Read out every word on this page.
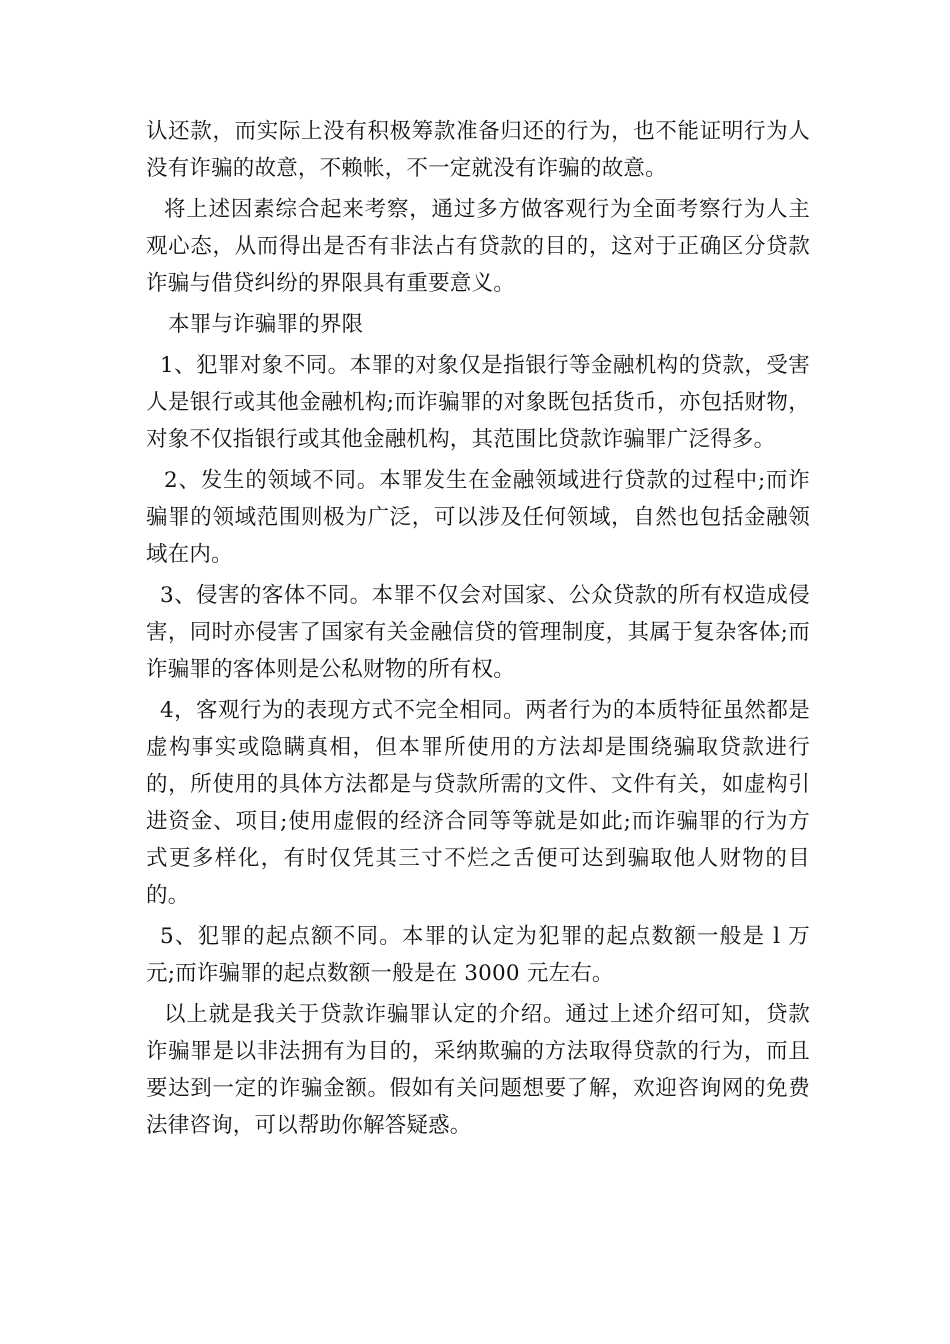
认还款，而实际上没有积极筹款准备归还的行为，也不能证明行为人没有诈骗的故意，不赖帐，不一定就没有诈骗的故意。

将上述因素综合起来考察，通过多方做客观行为全面考察行为人主观心态，从而得出是否有非法占有贷款的目的，这对于正确区分贷款诈骗与借贷纠纷的界限具有重要意义。

本罪与诈骗罪的界限

1、犯罪对象不同。本罪的对象仅是指银行等金融机构的贷款，受害人是银行或其他金融机构;而诈骗罪的对象既包括货币，亦包括财物，对象不仅指银行或其他金融机构，其范围比贷款诈骗罪广泛得多。

2、发生的领域不同。本罪发生在金融领域进行贷款的过程中;而诈骗罪的领域范围则极为广泛，可以涉及任何领域，自然也包括金融领域在内。

3、侵害的客体不同。本罪不仅会对国家、公众贷款的所有权造成侵害，同时亦侵害了国家有关金融信贷的管理制度，其属于复杂客体;而诈骗罪的客体则是公私财物的所有权。

4，客观行为的表现方式不完全相同。两者行为的本质特征虽然都是虚构事实或隐瞒真相，但本罪所使用的方法却是围绕骗取贷款进行的，所使用的具体方法都是与贷款所需的文件、文件有关，如虚构引进资金、项目;使用虚假的经济合同等等就是如此;而诈骗罪的行为方式更多样化，有时仅凭其三寸不烂之舌便可达到骗取他人财物的目的。

5、犯罪的起点额不同。本罪的认定为犯罪的起点数额一般是 l 万元;而诈骗罪的起点数额一般是在 3000 元左右。

以上就是我关于贷款诈骗罪认定的介绍。通过上述介绍可知，贷款诈骗罪是以非法拥有为目的，采纳欺骗的方法取得贷款的行为，而且要达到一定的诈骗金额。假如有关问题想要了解，欢迎咨询网的免费法律咨询，可以帮助你解答疑惑。
